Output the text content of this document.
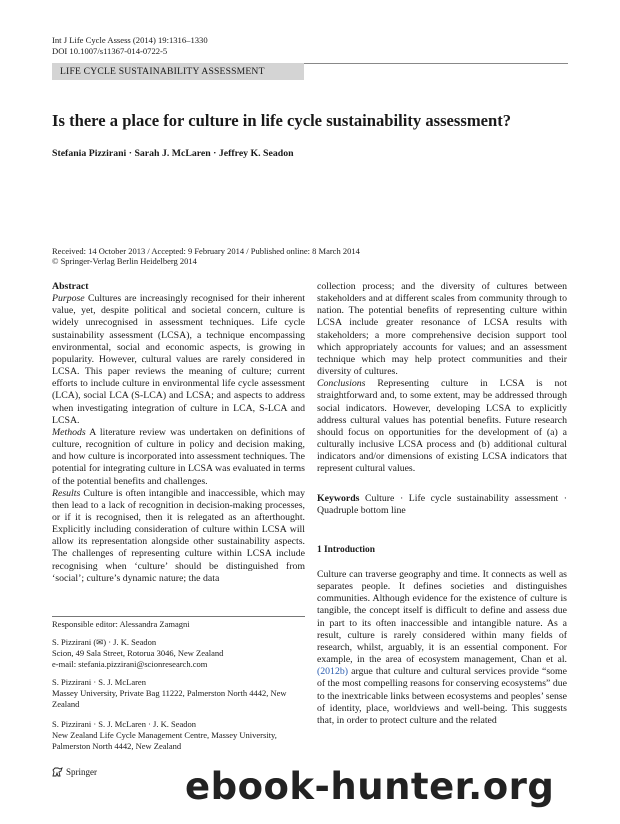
Int J Life Cycle Assess (2014) 19:1316–1330
DOI 10.1007/s11367-014-0722-5
LIFE CYCLE SUSTAINABILITY ASSESSMENT
Is there a place for culture in life cycle sustainability assessment?
Stefania Pizzirani · Sarah J. McLaren · Jeffrey K. Seadon
Received: 14 October 2013 / Accepted: 9 February 2014 / Published online: 8 March 2014
© Springer-Verlag Berlin Heidelberg 2014

Abstract

Purpose Cultures are increasingly recognised for their inherent value, yet, despite political and societal concern, culture is widely unrecognised in assessment techniques. Life cycle sustainability assessment (LCSA), a technique encompassing environmental, social and economic aspects, is growing in popularity. However, cultural values are rarely considered in LCSA. This paper reviews the meaning of culture; current efforts to include culture in environmental life cycle assessment (LCA), social LCA (S-LCA) and LCSA; and aspects to address when investigating integration of culture in LCA, S-LCA and LCSA.

Methods A literature review was undertaken on definitions of culture, recognition of culture in policy and decision making, and how culture is incorporated into assessment techniques. The potential for integrating culture in LCSA was evaluated in terms of the potential benefits and challenges.

Results Culture is often intangible and inaccessible, which may then lead to a lack of recognition in decision-making processes, or if it is recognised, then it is relegated as an afterthought. Explicitly including consideration of culture within LCSA will allow its representation alongside other sustainability aspects. The challenges of representing culture within LCSA include recognising when ‘culture’ should be distinguished from ‘social’; culture’s dynamic nature; the data

collection process; and the diversity of cultures between stakeholders and at different scales from community through to nation. The potential benefits of representing culture within LCSA include greater resonance of LCSA results with stakeholders; a more comprehensive decision support tool which appropriately accounts for values; and an assessment technique which may help protect communities and their diversity of cultures.

Conclusions Representing culture in LCSA is not straightforward and, to some extent, may be addressed through social indicators. However, developing LCSA to explicitly address cultural values has potential benefits. Future research should focus on opportunities for the development of (a) a culturally inclusive LCSA process and (b) additional cultural indicators and/or dimensions of existing LCSA indicators that represent cultural values.

Keywords Culture · Life cycle sustainability assessment · Quadruple bottom line

1 Introduction

Culture can traverse geography and time. It connects as well as separates people. It defines societies and distinguishes communities. Although evidence for the existence of culture is tangible, the concept itself is difficult to define and assess due in part to its often inaccessible and intangible nature. As a result, culture is rarely considered within many fields of research, whilst, arguably, it is an essential component. For example, in the area of ecosystem management, Chan et al. (2012b) argue that culture and cultural services provide “some of the most compelling reasons for conserving ecosystems” due to the inextricable links between ecosystems and peoples’ sense of identity, place, worldviews and well-being. This suggests that, in order to protect culture and the related

Responsible editor: Alessandra Zamagni
S. Pizzirani (✉) · J. K. Seadon
Scion, 49 Sala Street, Rotorua 3046, New Zealand
e-mail: stefania.pizzirani@scionresearch.com
S. Pizzirani · S. J. McLaren
Massey University, Private Bag 11222, Palmerston North 4442, New Zealand
S. Pizzirani · S. J. McLaren · J. K. Seadon
New Zealand Life Cycle Management Centre, Massey University, Palmerston North 4442, New Zealand
Springer ebook-hunter.org
